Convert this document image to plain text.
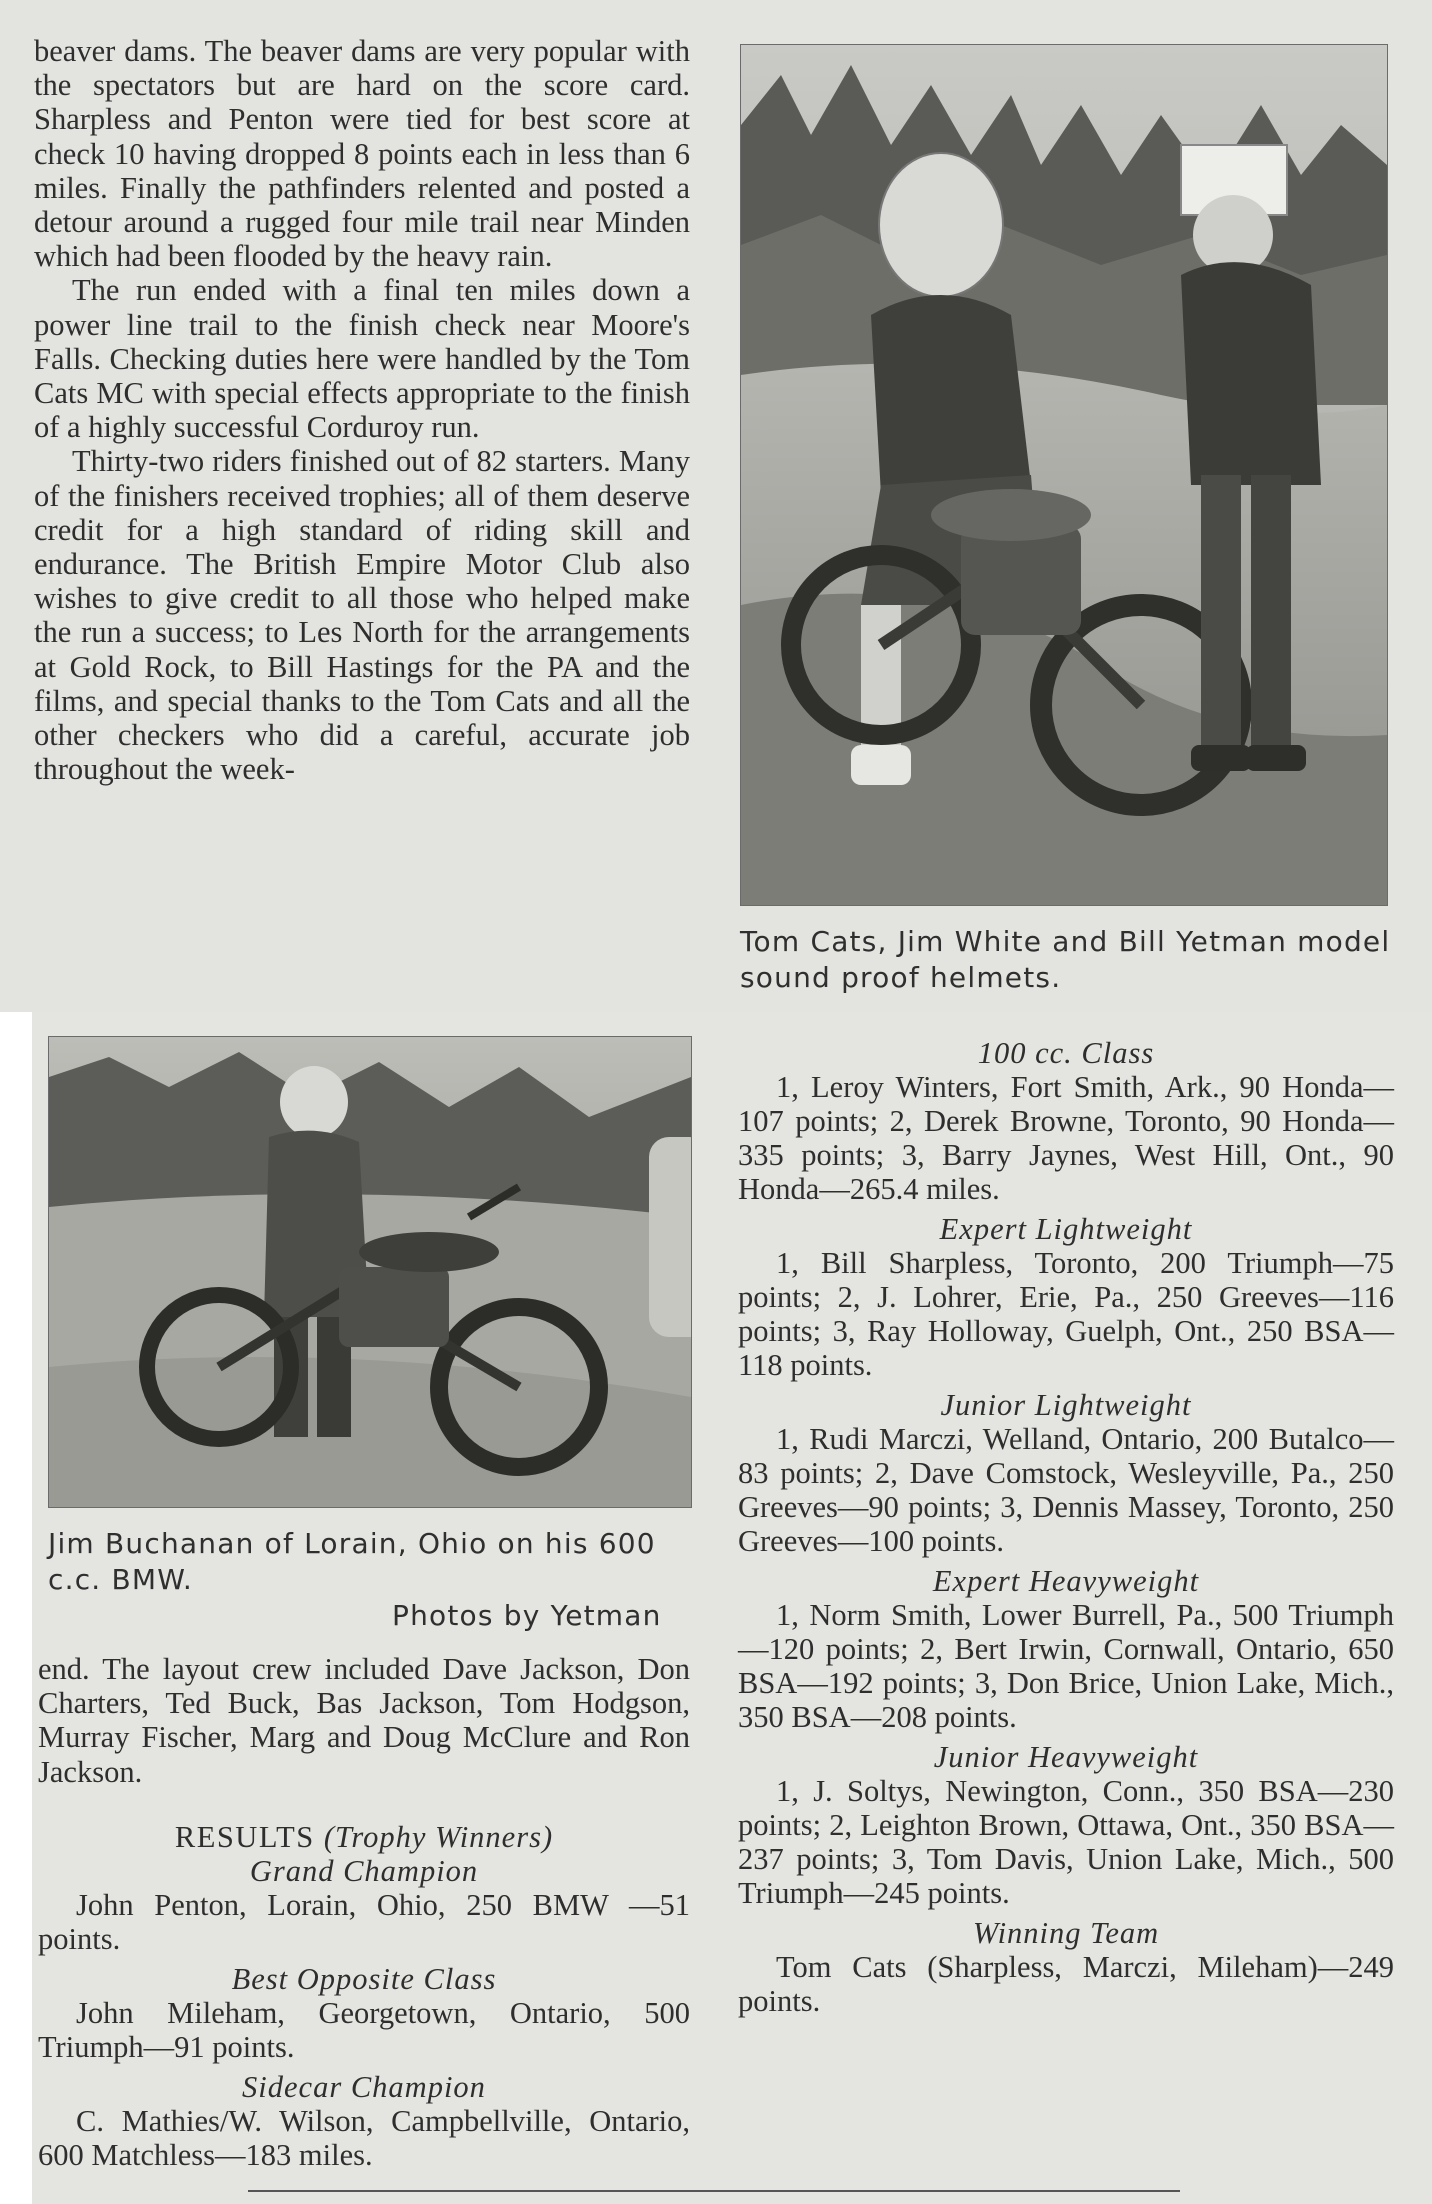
beaver dams. The beaver dams are very popular with the spectators but are hard on the score card. Sharpless and Penton were tied for best score at check 10 having dropped 8 points each in less than 6 miles. Finally the pathfinders relented and posted a detour around a rugged four mile trail near Minden which had been flooded by the heavy rain.

The run ended with a final ten miles down a power line trail to the finish check near Moore's Falls. Checking duties here were handled by the Tom Cats MC with special effects appropriate to the finish of a highly successful Corduroy run.

Thirty-two riders finished out of 82 starters. Many of the finishers received trophies; all of them deserve credit for a high standard of riding skill and endurance. The British Empire Motor Club also wishes to give credit to all those who helped make the run a success; to Les North for the arrangements at Gold Rock, to Bill Hastings for the PA and the films, and special thanks to the Tom Cats and all the other checkers who did a careful, accurate job throughout the week-

Tom Cats, Jim White and Bill Yetman model sound proof helmets.
Jim Buchanan of Lorain, Ohio on his 600 c.c. BMW.
Photos by Yetman

end. The layout crew included Dave Jackson, Don Charters, Ted Buck, Bas Jackson, Tom Hodgson, Murray Fischer, Marg and Doug McClure and Ron Jackson.

RESULTS (Trophy Winners)
Grand Champion
John Penton, Lorain, Ohio, 250 BMW —51 points.
Best Opposite Class
John Mileham, Georgetown, Ontario, 500 Triumph—91 points.
Sidecar Champion
C. Mathies/W. Wilson, Campbellville, Ontario, 600 Matchless—183 miles.
100 cc. Class
1, Leroy Winters, Fort Smith, Ark., 90 Honda—107 points; 2, Derek Browne, Toronto, 90 Honda—335 points; 3, Barry Jaynes, West Hill, Ont., 90 Honda—265.4 miles.
Expert Lightweight
1, Bill Sharpless, Toronto, 200 Triumph—75 points; 2, J. Lohrer, Erie, Pa., 250 Greeves—116 points; 3, Ray Holloway, Guelph, Ont., 250 BSA—118 points.
Junior Lightweight
1, Rudi Marczi, Welland, Ontario, 200 Butalco—83 points; 2, Dave Comstock, Wesleyville, Pa., 250 Greeves—90 points; 3, Dennis Massey, Toronto, 250 Greeves—100 points.
Expert Heavyweight
1, Norm Smith, Lower Burrell, Pa., 500 Triumph—120 points; 2, Bert Irwin, Cornwall, Ontario, 650 BSA—192 points; 3, Don Brice, Union Lake, Mich., 350 BSA—208 points.
Junior Heavyweight
1, J. Soltys, Newington, Conn., 350 BSA—230 points; 2, Leighton Brown, Ottawa, Ont., 350 BSA—237 points; 3, Tom Davis, Union Lake, Mich., 500 Triumph—245 points.
Winning Team
Tom Cats (Sharpless, Marczi, Mileham)—249 points.
